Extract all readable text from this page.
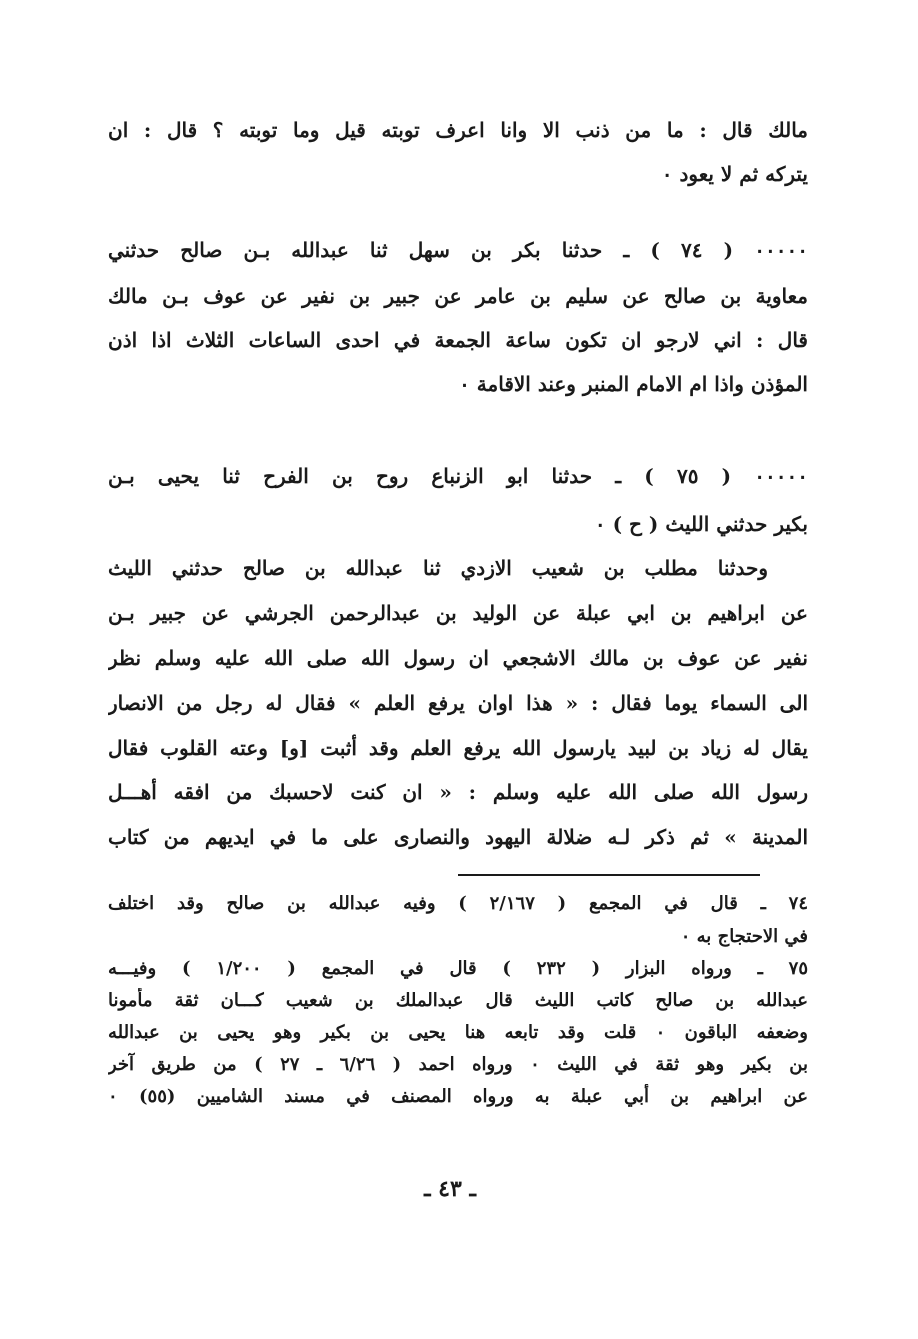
مالك قال : ما من ذنب الا وانا اعرف توبته قيل وما توبته ؟ قال : ان
يتركه ثم لا يعود ٠
٠٠٠٠٠ ( ٧٤ ) ـ حدثنا بكر بن سهل ثنا عبدالله بـن صالح حدثني
معاوية بن صالح عن سليم بن عامر عن جبير بن نفير عن عوف بـن مالك
قال : اني لارجو ان تكون ساعة الجمعة في احدى الساعات الثلاث اذا اذن
المؤذن واذا ام الامام المنبر وعند الاقامة ٠
٠٠٠٠٠ ( ٧٥ ) ـ حدثنا ابو الزنباع روح بن الفرح ثنا يحيى بـن
بكير حدثني الليث ( ح ) ٠
وحدثنا مطلب بن شعيب الازدي ثنا عبدالله بن صالح حدثني الليث
عن ابراهيم بن ابي عبلة عن الوليد بن عبدالرحمن الجرشي عن جبير بـن
نفير عن عوف بن مالك الاشجعي ان رسول الله صلى الله عليه وسلم نظر
الى السماء يوما فقال : « هذا اوان يرفع العلم » فقال له رجل من الانصار
يقال له زياد بن لبيد يارسول الله يرفع العلم وقد أثبت [و] وعته القلوب فقال
رسول الله صلى الله عليه وسلم : « ان كنت لاحسبك من افقه أهـــل
المدينة » ثم ذكر لـه ضلالة اليهود والنصارى على ما في ايديهم من كتاب
٧٤ ـ قال في المجمع ( ٢/١٦٧ ) وفيه عبدالله بن صالح وقد اختلف
في الاحتجاج به ٠
٧٥ ـ ورواه البزار ( ٢٣٢ ) قال في المجمع ( ١/٢٠٠ ) وفيـــه
عبدالله بن صالح كاتب الليث قال عبدالملك بن شعيب كـــان ثقة مأمونا
وضعفه الباقون ٠ قلت وقد تابعه هنا يحيى بن بكير وهو يحيى بن عبدالله
بن بكير وهو ثقة في الليث ٠ ورواه احمد ( ٦/٢٦ ـ ٢٧ ) من طريق آخر
عن ابراهيم بن أبي عبلة به ورواه المصنف في مسند الشاميين (٥٥) ٠
ـ ٤٣ ـ
